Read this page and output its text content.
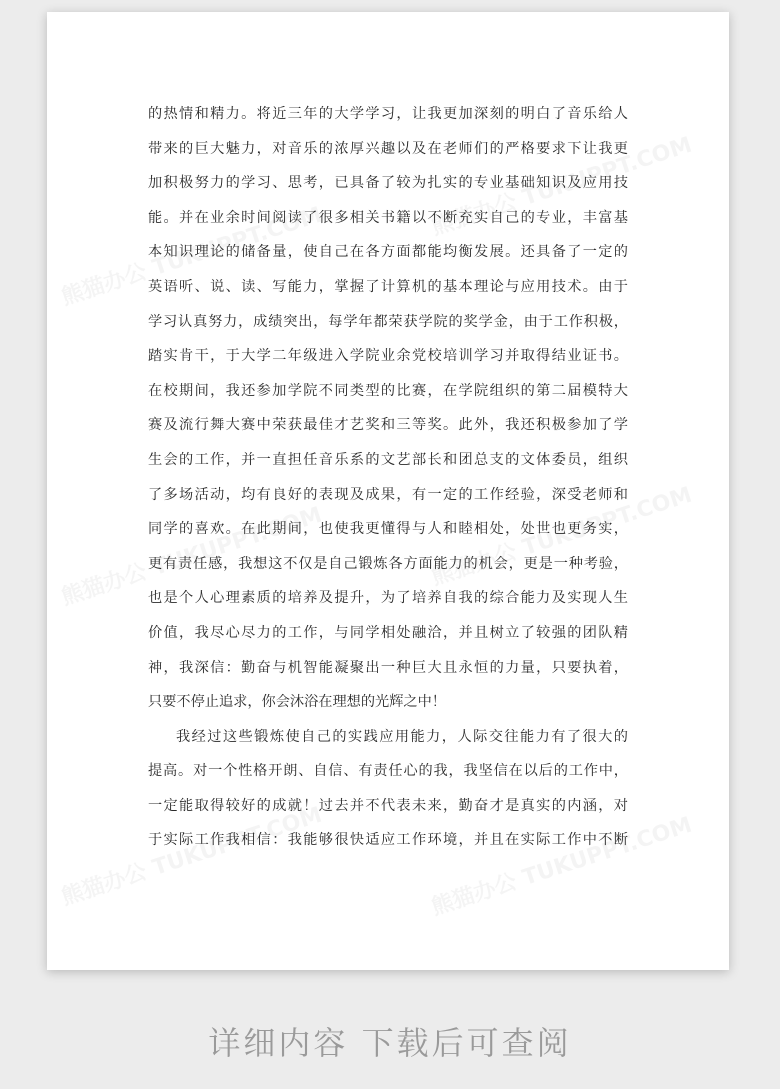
的热情和精力。将近三年的大学学习，让我更加深刻的明白了音乐给人
带来的巨大魅力，对音乐的浓厚兴趣以及在老师们的严格要求下让我更
加积极努力的学习、思考，已具备了较为扎实的专业基础知识及应用技
能。并在业余时间阅读了很多相关书籍以不断充实自己的专业，丰富基
本知识理论的储备量，使自己在各方面都能均衡发展。还具备了一定的
英语听、说、读、写能力，掌握了计算机的基本理论与应用技术。由于
学习认真努力，成绩突出，每学年都荣获学院的奖学金，由于工作积极，
踏实肯干，于大学二年级进入学院业余党校培训学习并取得结业证书。
在校期间，我还参加学院不同类型的比赛，在学院组织的第二届模特大
赛及流行舞大赛中荣获最佳才艺奖和三等奖。此外，我还积极参加了学
生会的工作，并一直担任音乐系的文艺部长和团总支的文体委员，组织
了多场活动，均有良好的表现及成果，有一定的工作经验，深受老师和
同学的喜欢。在此期间，也使我更懂得与人和睦相处，处世也更务实，
更有责任感，我想这不仅是自己锻炼各方面能力的机会，更是一种考验，
也是个人心理素质的培养及提升，为了培养自我的综合能力及实现人生
价值，我尽心尽力的工作，与同学相处融洽，并且树立了较强的团队精
神，我深信：勤奋与机智能凝聚出一种巨大且永恒的力量，只要执着，
只要不停止追求，你会沐浴在理想的光辉之中！
我经过这些锻炼使自己的实践应用能力，人际交往能力有了很大的
提高。对一个性格开朗、自信、有责任心的我，我坚信在以后的工作中，
一定能取得较好的成就！过去并不代表未来，勤奋才是真实的内涵，对
于实际工作我相信：我能够很快适应工作环境，并且在实际工作中不断
详细内容 下载后可查阅
